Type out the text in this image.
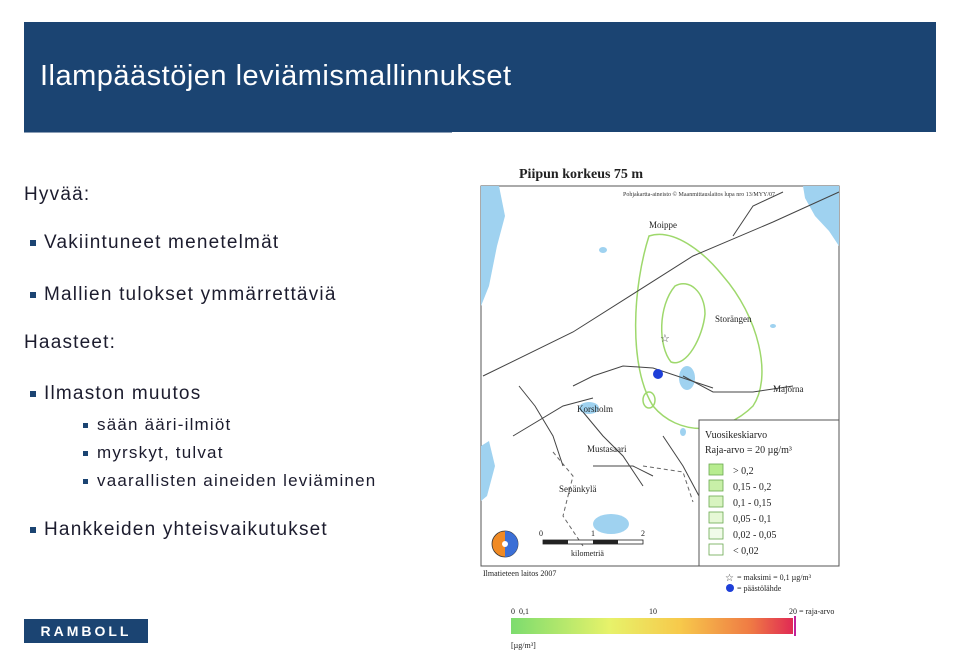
Ilampäästöjen leviämismallinnukset
Hyvää:
Vakiintuneet menetelmät
Mallien tulokset ymmärrettäviä
Haasteet:
Ilmaston muutos
sään ääri-ilmiöt
myrskyt, tulvat
vaarallisten aineiden leviäminen
Hankkeiden yhteisvaikutukset
RAMBOLL
Piipun korkeus 75 m
Pohjakartta-aineisto © Maanmittauslaitos lupa nro 13/MYY/07
Moippe
Storängen
Majorna
Korsholm
Mustasaari
Sepänkylä
☆
0	1	2
kilometriä
Ilmatieteen laitos 2007
Vuosikeskiarvo
Raja-arvo = 20 µg/m³
> 0,2
0,15 - 0,2
0,1 - 0,15
0,05 - 0,1
0,02 - 0,05
< 0,02
☆ = maksimi = 0,1 µg/m³
= päästölähde
0 0,1	10	20 = raja-arvo
[µg/m³]
